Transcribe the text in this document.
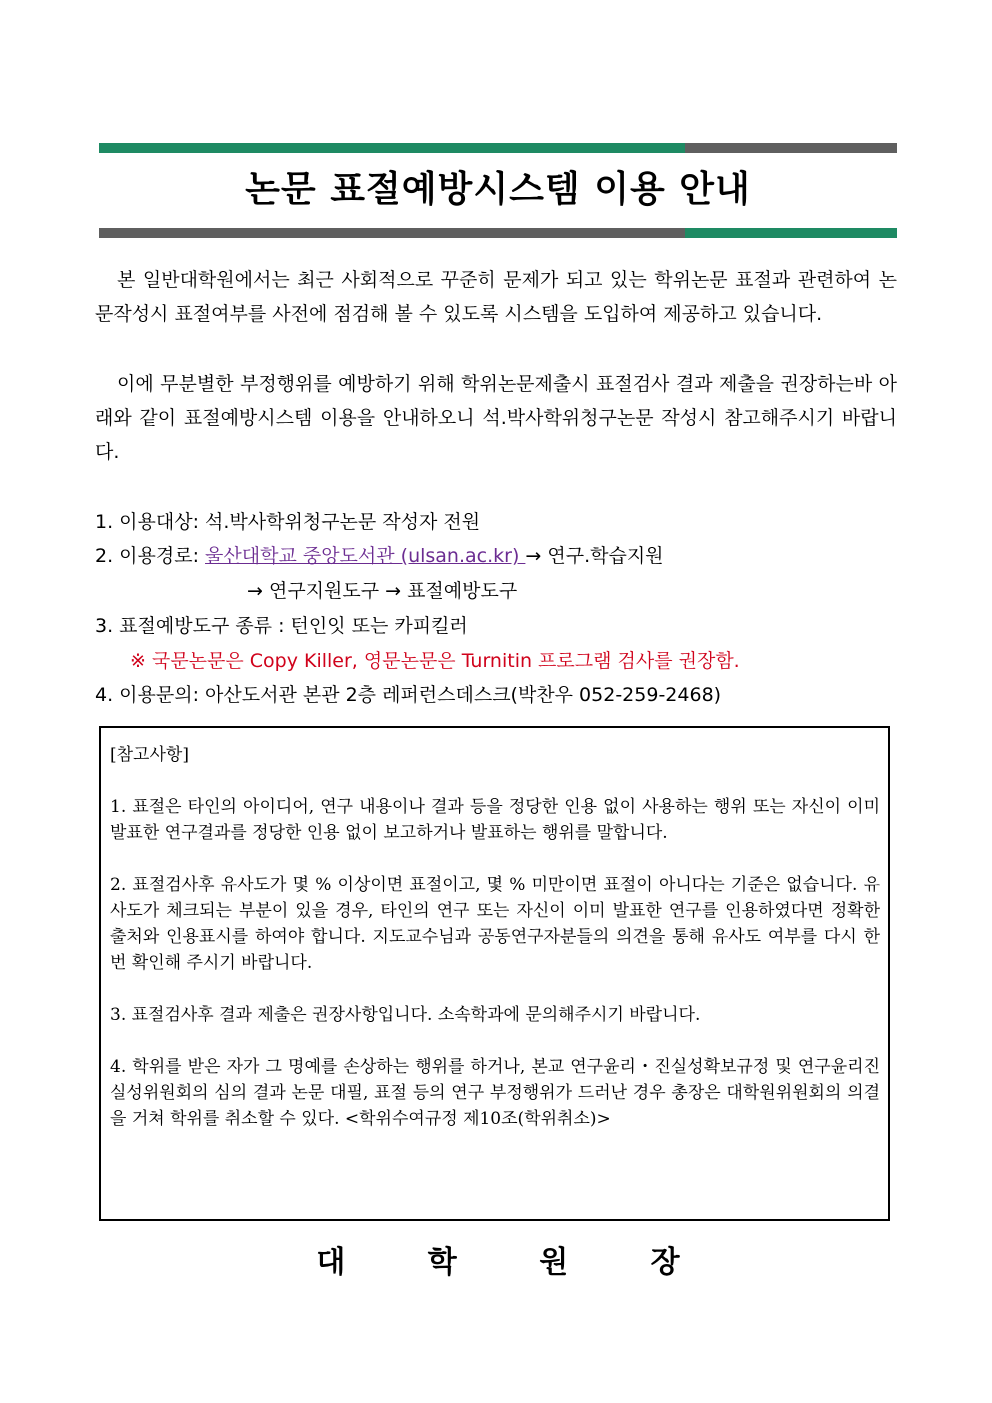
논문 표절예방시스템 이용 안내
본 일반대학원에서는 최근 사회적으로 꾸준히 문제가 되고 있는 학위논문 표절과 관련하여 논문작성시 표절여부를 사전에 점검해 볼 수 있도록 시스템을 도입하여 제공하고 있습니다.
이에 무분별한 부정행위를 예방하기 위해 학위논문제출시 표절검사 결과 제출을 권장하는바 아래와 같이 표절예방시스템 이용을 안내하오니 석.박사학위청구논문 작성시 참고해주시기 바랍니다.
1. 이용대상: 석.박사학위청구논문 작성자 전원
2. 이용경로: 울산대학교 중앙도서관 (ulsan.ac.kr) → 연구.학습지원
→ 연구지원도구 → 표절예방도구
3. 표절예방도구 종류 : 턴인잇 또는 카피킬러
※ 국문논문은 Copy Killer, 영문논문은 Turnitin 프로그램 검사를 권장함.
4. 이용문의: 아산도서관 본관 2층 레퍼런스데스크(박찬우 052-259-2468)

[참고사항]

1. 표절은 타인의 아이디어, 연구 내용이나 결과 등을 정당한 인용 없이 사용하는 행위 또는 자신이 이미 발표한 연구결과를 정당한 인용 없이 보고하거나 발표하는 행위를 말합니다.

2. 표절검사후 유사도가 몇 % 이상이면 표절이고, 몇 % 미만이면 표절이 아니다는 기준은 없습니다. 유사도가 체크되는 부분이 있을 경우, 타인의 연구 또는 자신이 이미 발표한 연구를 인용하였다면 정확한 출처와 인용표시를 하여야 합니다. 지도교수님과 공동연구자분들의 의견을 통해 유사도 여부를 다시 한번 확인해 주시기 바랍니다.

3. 표절검사후 결과 제출은 권장사항입니다. 소속학과에 문의해주시기 바랍니다.

4. 학위를 받은 자가 그 명예를 손상하는 행위를 하거나, 본교 연구윤리・진실성확보규정 및 연구윤리진실성위원회의 심의 결과 논문 대필, 표절 등의 연구 부정행위가 드러난 경우 총장은 대학원위원회의 의결을 거쳐 학위를 취소할 수 있다. <학위수여규정 제10조(학위취소)>

대 학 원 장
